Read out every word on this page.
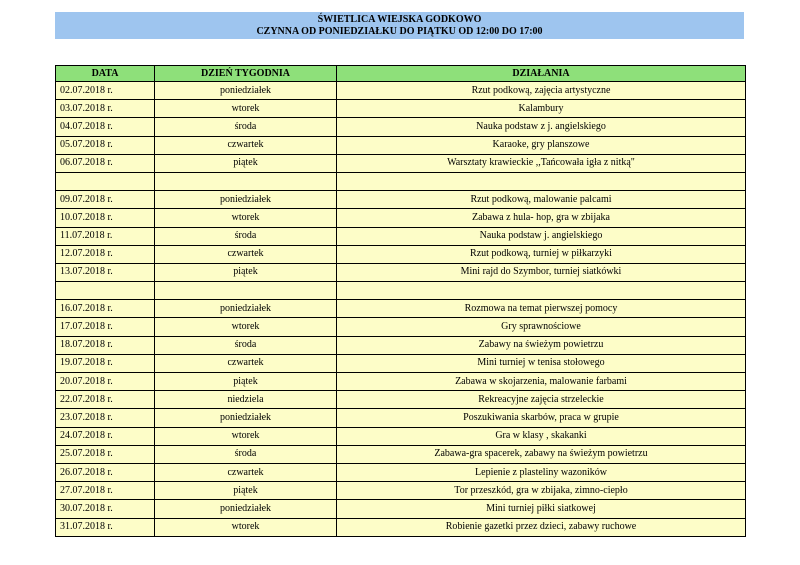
ŚWIETLICA WIEJSKA GODKOWO
CZYNNA OD PONIEDZIAŁKU DO PIĄTKU OD 12:00 DO 17:00
DATA	DZIEŃ TYGODNIA	DZIAŁANIA
02.07.2018 r.	poniedziałek	Rzut podkową, zajęcia artystyczne
03.07.2018 r.	wtorek	Kalambury
04.07.2018 r.	środa	Nauka podstaw z j. angielskiego
05.07.2018 r.	czwartek	Karaoke, gry planszowe
06.07.2018 r.	piątek	Warsztaty krawieckie ,,Tańcowała igła z nitką"

09.07.2018 r.	poniedziałek	Rzut podkową, malowanie palcami
10.07.2018 r.	wtorek	Zabawa z hula- hop, gra w zbijaka
11.07.2018 r.	środa	Nauka podstaw j. angielskiego
12.07.2018 r.	czwartek	Rzut podkową, turniej w piłkarzyki
13.07.2018 r.	piątek	Mini rajd do Szymbor, turniej siatkówki

16.07.2018 r.	poniedziałek	Rozmowa na temat pierwszej pomocy
17.07.2018 r.	wtorek	Gry sprawnościowe
18.07.2018 r.	środa	Zabawy na świeżym powietrzu
19.07.2018 r.	czwartek	Mini turniej w tenisa stołowego
20.07.2018 r.	piątek	Zabawa w skojarzenia, malowanie farbami
22.07.2018 r.	niedziela	Rekreacyjne zajęcia strzeleckie
23.07.2018 r.	poniedziałek	Poszukiwania skarbów, praca w grupie
24.07.2018 r.	wtorek	Gra w klasy , skakanki
25.07.2018 r.	środa	Zabawa-gra spacerek, zabawy na świeżym powietrzu
26.07.2018 r.	czwartek	Lepienie z plasteliny wazoników
27.07.2018 r.	piątek	Tor przeszkód, gra w zbijaka, zimno-ciepło
30.07.2018 r.	poniedziałek	Mini turniej piłki siatkowej
31.07.2018 r.	wtorek	Robienie gazetki przez dzieci, zabawy ruchowe
